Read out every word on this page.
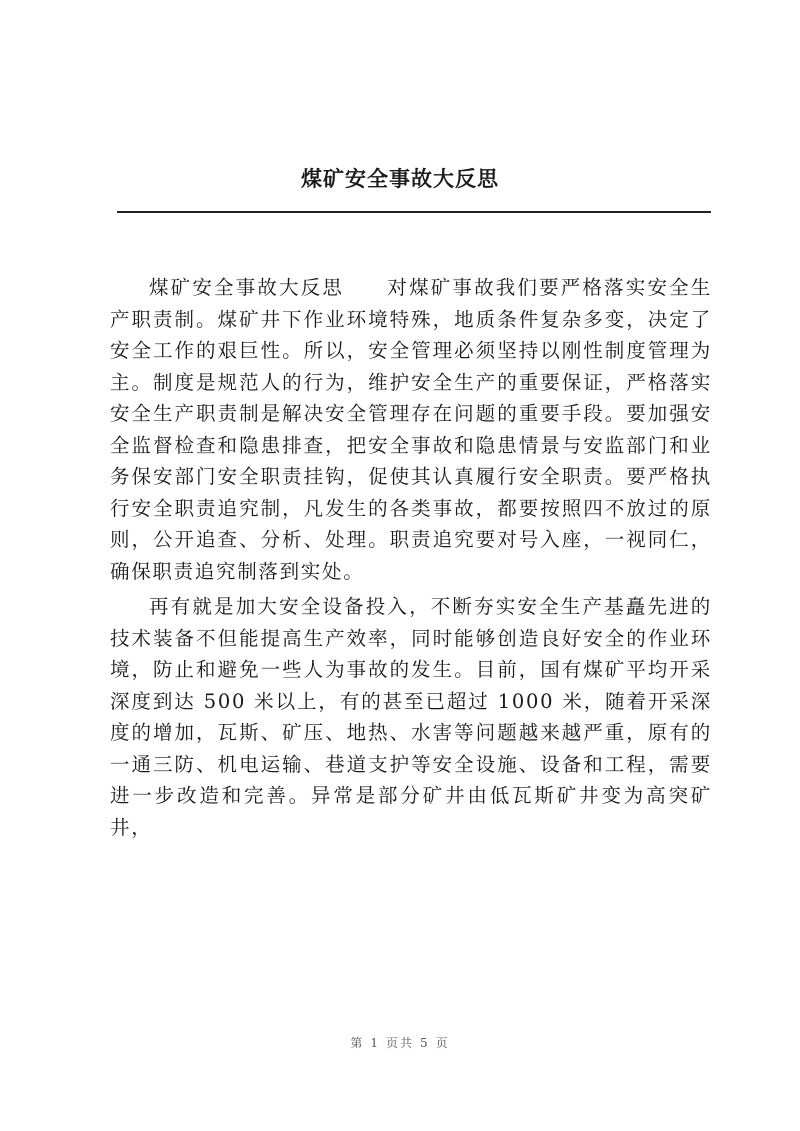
煤矿安全事故大反思

煤矿安全事故大反思　　对煤矿事故我们要严格落实安全生产职责制。煤矿井下作业环境特殊，地质条件复杂多变，决定了安全工作的艰巨性。所以，安全管理必须坚持以刚性制度管理为主。制度是规范人的行为，维护安全生产的重要保证，严格落实安全生产职责制是解决安全管理存在问题的重要手段。要加强安全监督检查和隐患排查，把安全事故和隐患情景与安监部门和业务保安部门安全职责挂钩，促使其认真履行安全职责。要严格执行安全职责追究制，凡发生的各类事故，都要按照四不放过的原则，公开追查、分析、处理。职责追究要对号入座，一视同仁，确保职责追究制落到实处。

再有就是加大安全设备投入，不断夯实安全生产基矗先进的技术装备不但能提高生产效率，同时能够创造良好安全的作业环境，防止和避免一些人为事故的发生。目前，国有煤矿平均开采深度到达 500 米以上，有的甚至已超过 1000 米，随着开采深度的增加，瓦斯、矿压、地热、水害等问题越来越严重，原有的一通三防、机电运输、巷道支护等安全设施、设备和工程，需要进一步改造和完善。异常是部分矿井由低瓦斯矿井变为高突矿井，

第 1 页共 5 页
